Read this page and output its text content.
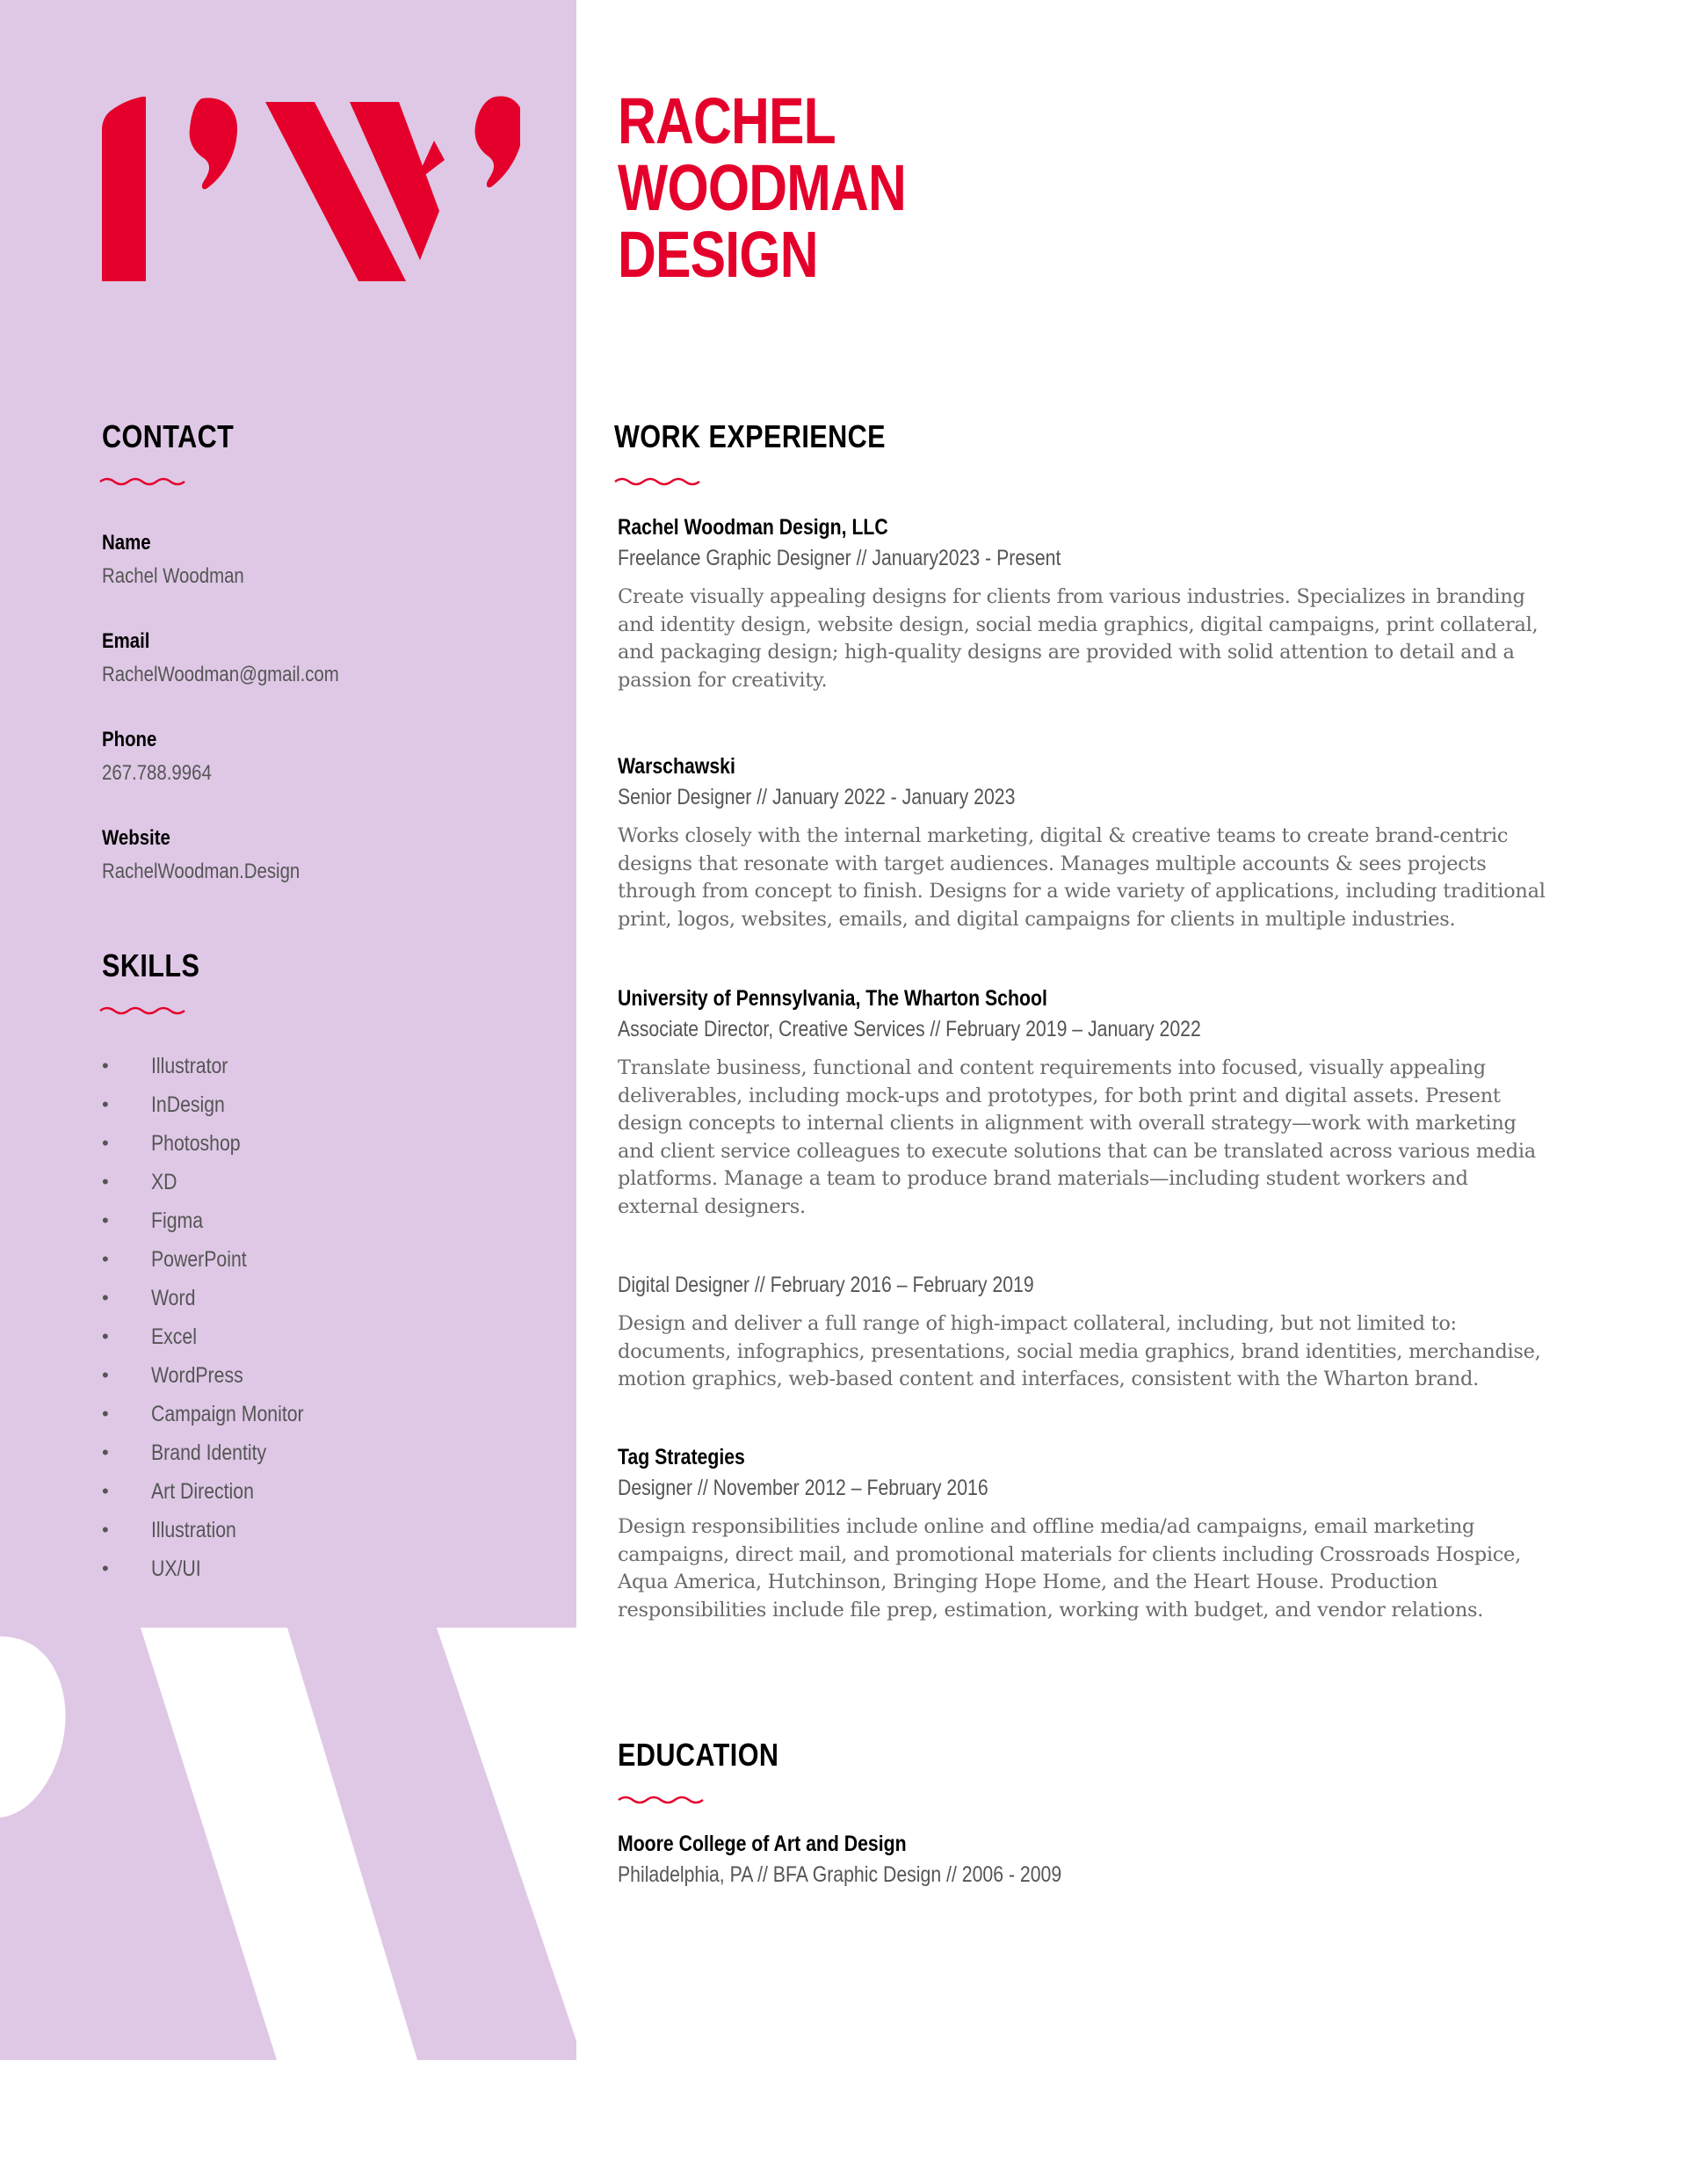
RACHEL
WOODMAN
DESIGN
CONTACT

Name

Rachel Woodman

Email

RachelWoodman@gmail.com

Phone

267.788.9964

Website

RachelWoodman.Design

SKILLS
•	Illustrator
•	InDesign
•	Photoshop
•	XD
•	Figma
•	PowerPoint
•	Word
•	Excel
•	WordPress
•	Campaign Monitor
•	Brand Identity
•	Art Direction
•	Illustration
•	UX/UI
WORK EXPERIENCE

Rachel Woodman Design, LLC

Freelance Graphic Designer // January2023 - Present

Create visually appealing designs for clients from various industries. Specializes in branding and identity design, website design, social media graphics, digital campaigns, print collateral, and packaging design; high-quality designs are provided with solid attention to detail and a passion for creativity.

Warschawski

Senior Designer // January 2022 - January 2023

Works closely with the internal marketing, digital & creative teams to create brand-centric designs that resonate with target audiences. Manages multiple accounts & sees projects through from concept to finish. Designs for a wide variety of applications, including traditional print, logos, websites, emails, and digital campaigns for clients in multiple industries.

University of Pennsylvania, The Wharton School

Associate Director, Creative Services // February 2019 – January 2022

Translate business, functional and content requirements into focused, visually appealing deliverables, including mock-ups and prototypes, for both print and digital assets. Present design concepts to internal clients in alignment with overall strategy—work with marketing and client service colleagues to execute solutions that can be translated across various media platforms. Manage a team to produce brand materials—including student workers and external designers.

Digital Designer // February 2016 – February 2019

Design and deliver a full range of high-impact collateral, including, but not limited to: documents, infographics, presentations, social media graphics, brand identities, merchandise, motion graphics, web-based content and interfaces, consistent with the Wharton brand.

Tag Strategies

Designer // November 2012 – February 2016

Design responsibilities include online and offline media/ad campaigns, email marketing campaigns, direct mail, and promotional materials for clients including Crossroads Hospice, Aqua America, Hutchinson, Bringing Hope Home, and the Heart House. Production responsibilities include file prep, estimation, working with budget, and vendor relations.

EDUCATION

Moore College of Art and Design

Philadelphia, PA // BFA Graphic Design // 2006 - 2009
